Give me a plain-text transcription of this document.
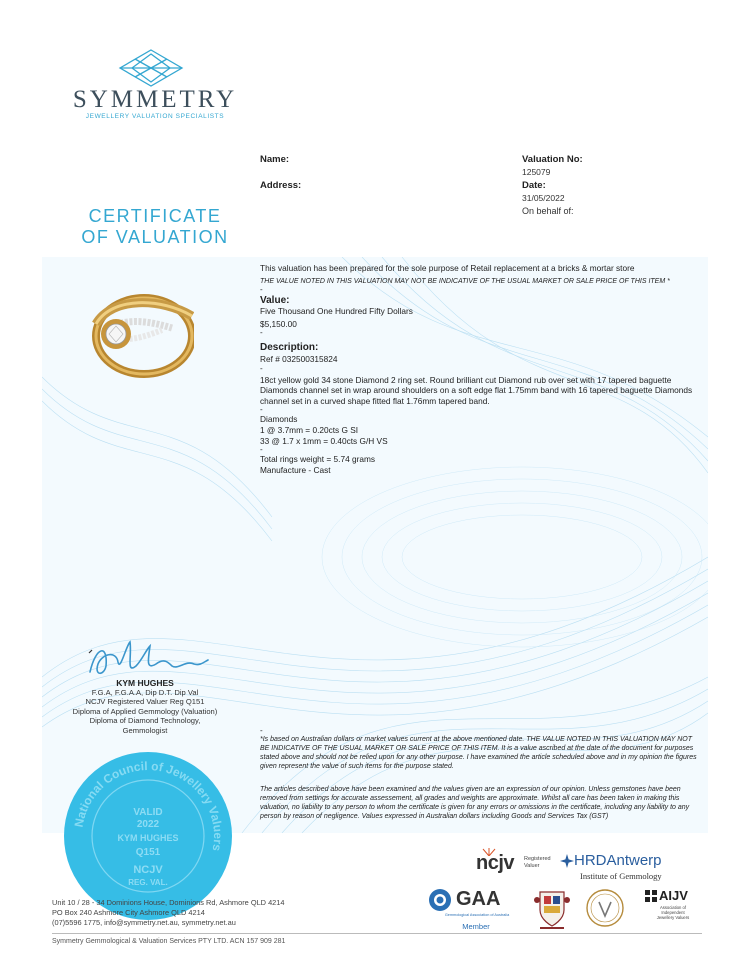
SYMMETRY
JEWELLERY VALUATION SPECIALISTS
CERTIFICATE
OF VALUATION
Name:
Address:
Valuation No:
125079
Date:
31/05/2022
On behalf of:

This valuation has been prepared for the sole purpose of Retail replacement at a bricks & mortar store

THE VALUE NOTED IN THIS VALUATION MAY NOT BE INDICATIVE OF THE USUAL MARKET OR SALE PRICE OF THIS ITEM *

-

Value:

Five Thousand One Hundred Fifty Dollars

$5,150.00

-

Description:

Ref # 032500315824

-

18ct yellow gold 34 stone Diamond 2 ring set. Round brilliant cut Diamond rub over set with 17 tapered baguette Diamonds channel set in wrap around shoulders on a soft edge flat 1.75mm band with 16 tapered baguette Diamonds channel set in a curved shape fitted flat 1.76mm tapered band.

-

Diamonds

1 @ 3.7mm = 0.20cts G SI

33 @ 1.7 x 1mm = 0.40cts G/H VS

-

Total rings weight = 5.74 grams

Manufacture - Cast

KYM HUGHES
F.G.A, F.G.A.A, Dip D.T. Dip Val
NCJV Registered Valuer Reg Q151
Diploma of Applied Gemmology (Valuation)
Diploma of Diamond Technology,
Gemmologist
National Council of Jewellery Valuers
VALID
2022
KYM HUGHES
Q151
NCJV
REG. VAL.
-

*Is based on Australian dollars or market values current at the above mentioned date. THE VALUE NOTED IN THIS VALUATION MAY NOT BE INDICATIVE OF THE USUAL MARKET OR SALE PRICE OF THIS ITEM. It is a value ascribed at the date of the document for purposes stated above and should not be relied upon for any other purpose. I have examined the article scheduled above and in my opinion the figures given represent the value of such items for the purpose stated.

The articles described above have been examined and the values given are an expression of our opinion. Unless gemstones have been removed from settings for accurate assessement, all grades and weights are approximate. Whilst all care has been taken in making this valuation, no liability to any person to whom the certificate is given for any errors or omissions in the certificate, including any liability to any person by reason of negligence. Values expressed in Australian dollars including Goods and Services Tax (GST)

ncjv Registered
Valuer HRDAntwerp
Institute of Gemmology
GAA
Gemmological Association of Australia
Member
AIJV
Association of
Independent
Jewellery Valuers
Unit 10 / 28 - 34 Dominions House, Dominions Rd, Ashmore QLD 4214
PO Box 240 Ashmore City Ashmore QLD 4214
(07)5596 1775, info@symmetry.net.au, symmetry.net.au
Symmetry Gemmological & Valuation Services PTY LTD. ACN 157 909 281
